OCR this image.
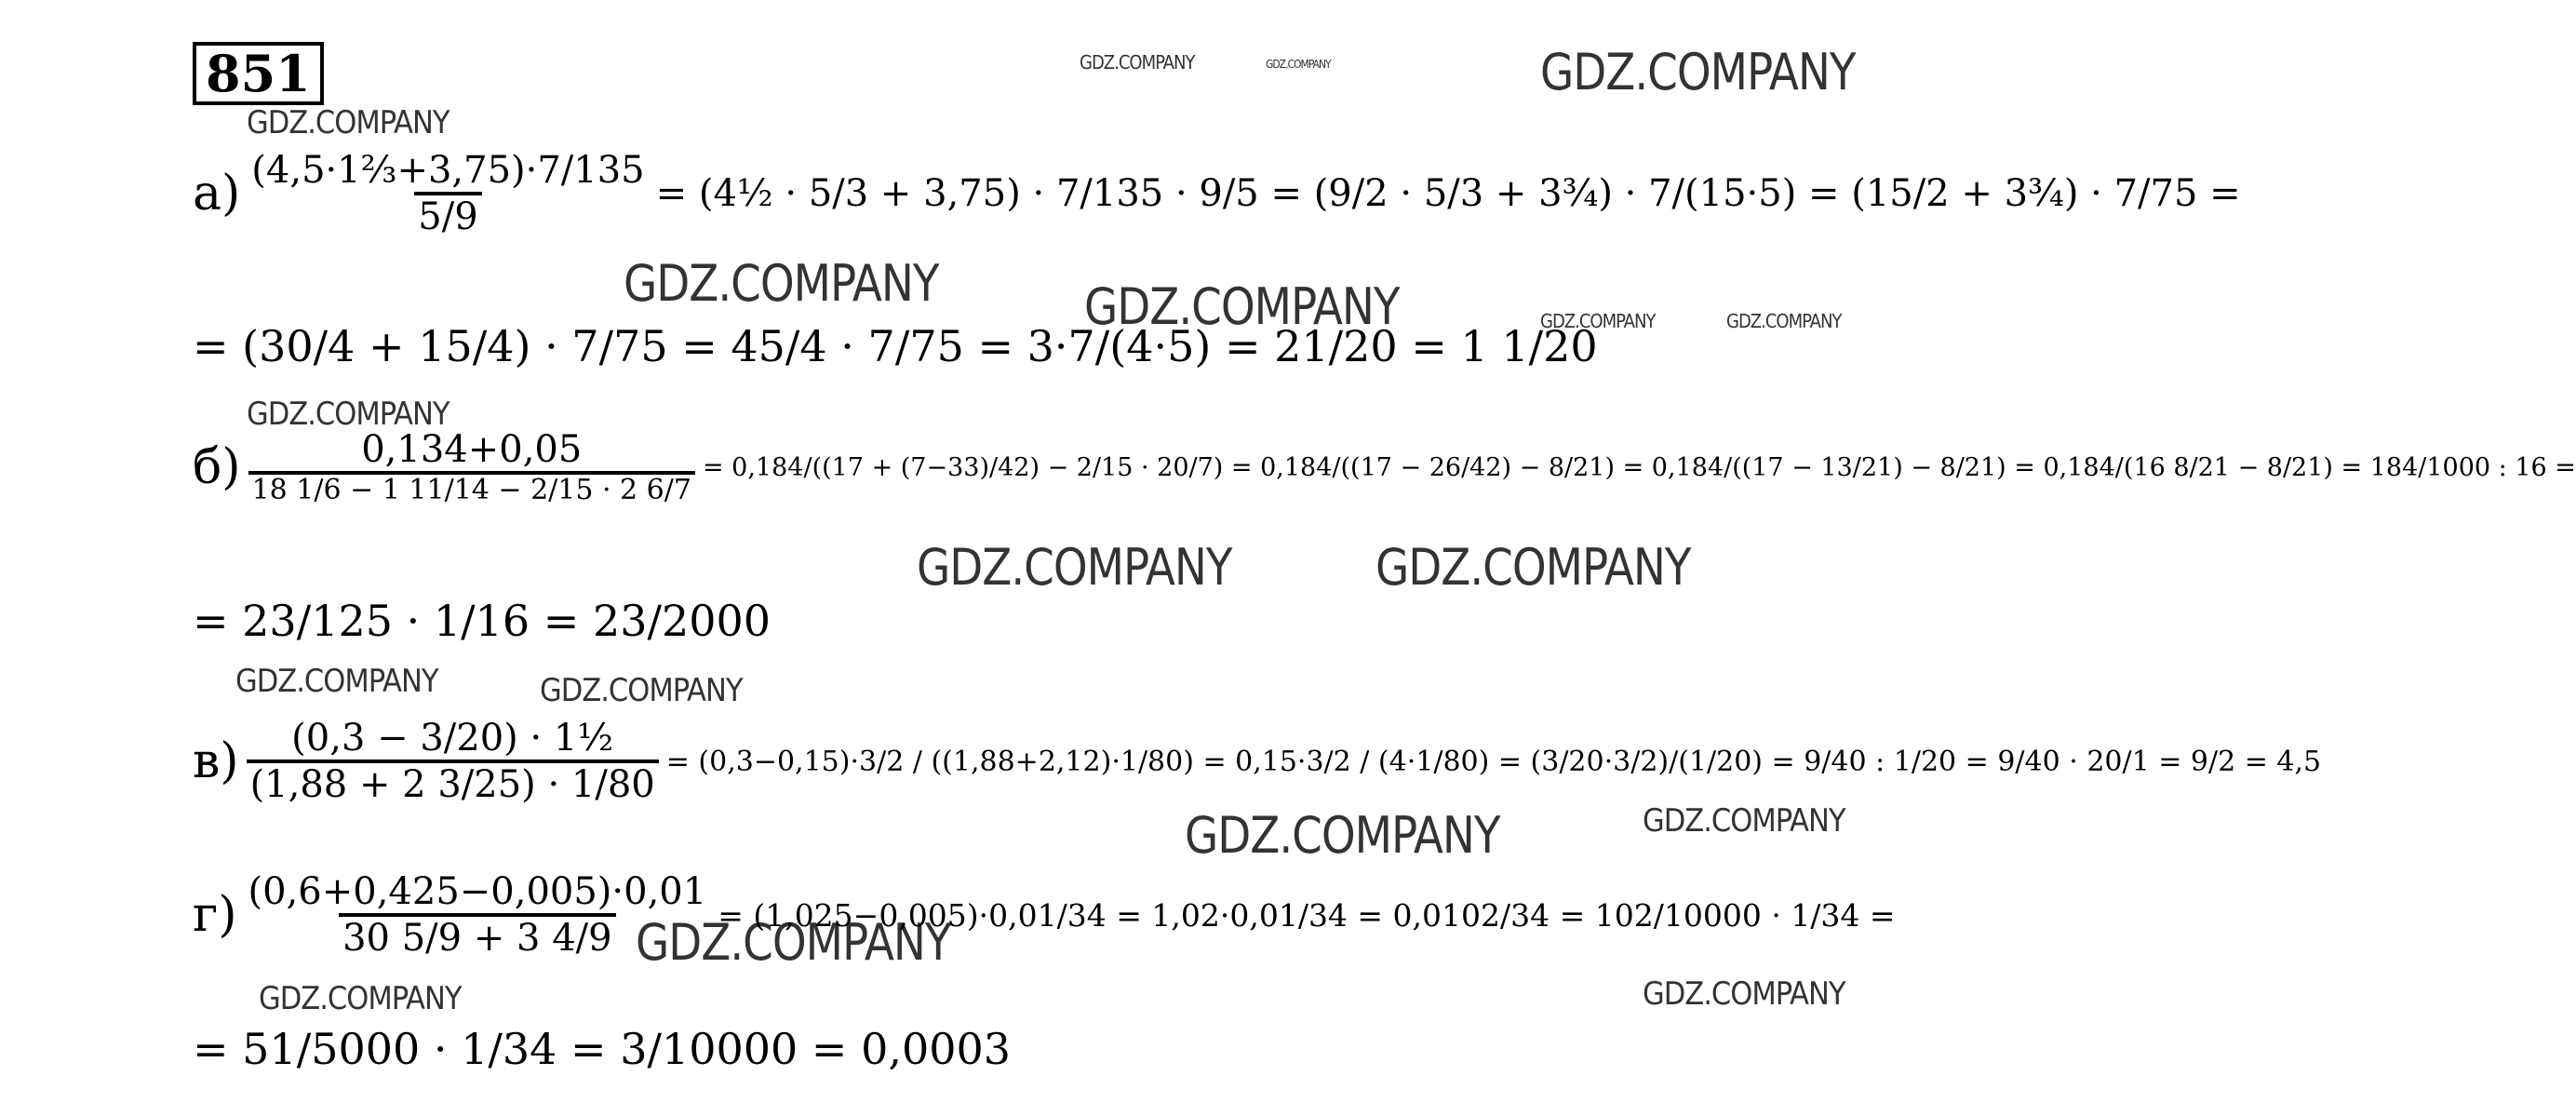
851
GDZ.COMPANY
GDZ.COMPANY	GDZ.COMPANY	GDZ.COMPANY
GDZ.COMPANY	GDZ.COMPANY	GDZ.COMPANY	GDZ.COMPANY
GDZ.COMPANY
GDZ.COMPANY	GDZ.COMPANY
GDZ.COMPANY	GDZ.COMPANY
GDZ.COMPANY	GDZ.COMPANY
GDZ.COMPANY
GDZ.COMPANY	GDZ.COMPANY
$а) \frac{\text{(4,5·1⅔+3,75)·7/135}}{5/9}$ = (4½ · 5/3 + 3,75) · 7/135 · 9/5 = (9/2 · 5/3 + 3¾) · 7/(15·5) = (15/2 + 3¾) · 7/75 =
= (30/4 + 15/4) · 7/75 = 45/4 · 7/75 = 3·7/(4·5) = 21/20 = 1 1/20
$б) \frac{0,134+0,05}{18 1/6 - 1 11/14 - 2/15 \cdot 2 6/7} = 0,184/((17 + (7-33)/42) - 2/15 \cdot 20/7) = 0,184/((17 - 26/42) - 8/21) = 0,184/((17 - 13/21) - 8/21) = 0,184/(16$ 8/21 − 8/21) = 184/1000 : 16 =
= 23/125 · 1/16 = 23/2000
$в) \frac{\text{(0,3 − 3/20) · 1½}}{(1,88 + 2 3/25) \cdot 1/80} = (0,3-0,15)\cdot 3/2 / ((1,88+2,12)\cdot 1/80) = 0,15\cdot 3/2 / (4\cdot 1/80) = (3/20\cdot 3/2)/(1/20) = 9/40$ : 1/20 = 9/40 · 20/1 = 9/2 = 4,5
$г) \frac{(0,6+0,425-0,005)\cdot 0,01}{30 5/9 + 3 4/9} = (1,025-0,005)\cdot 0,01/34 = 1,02\cdot 0,01/34 = 0,0102/34 = 102/10000 \cdot 1/34$ =
= 51/5000 · 1/34 = 3/10000 = 0,0003
